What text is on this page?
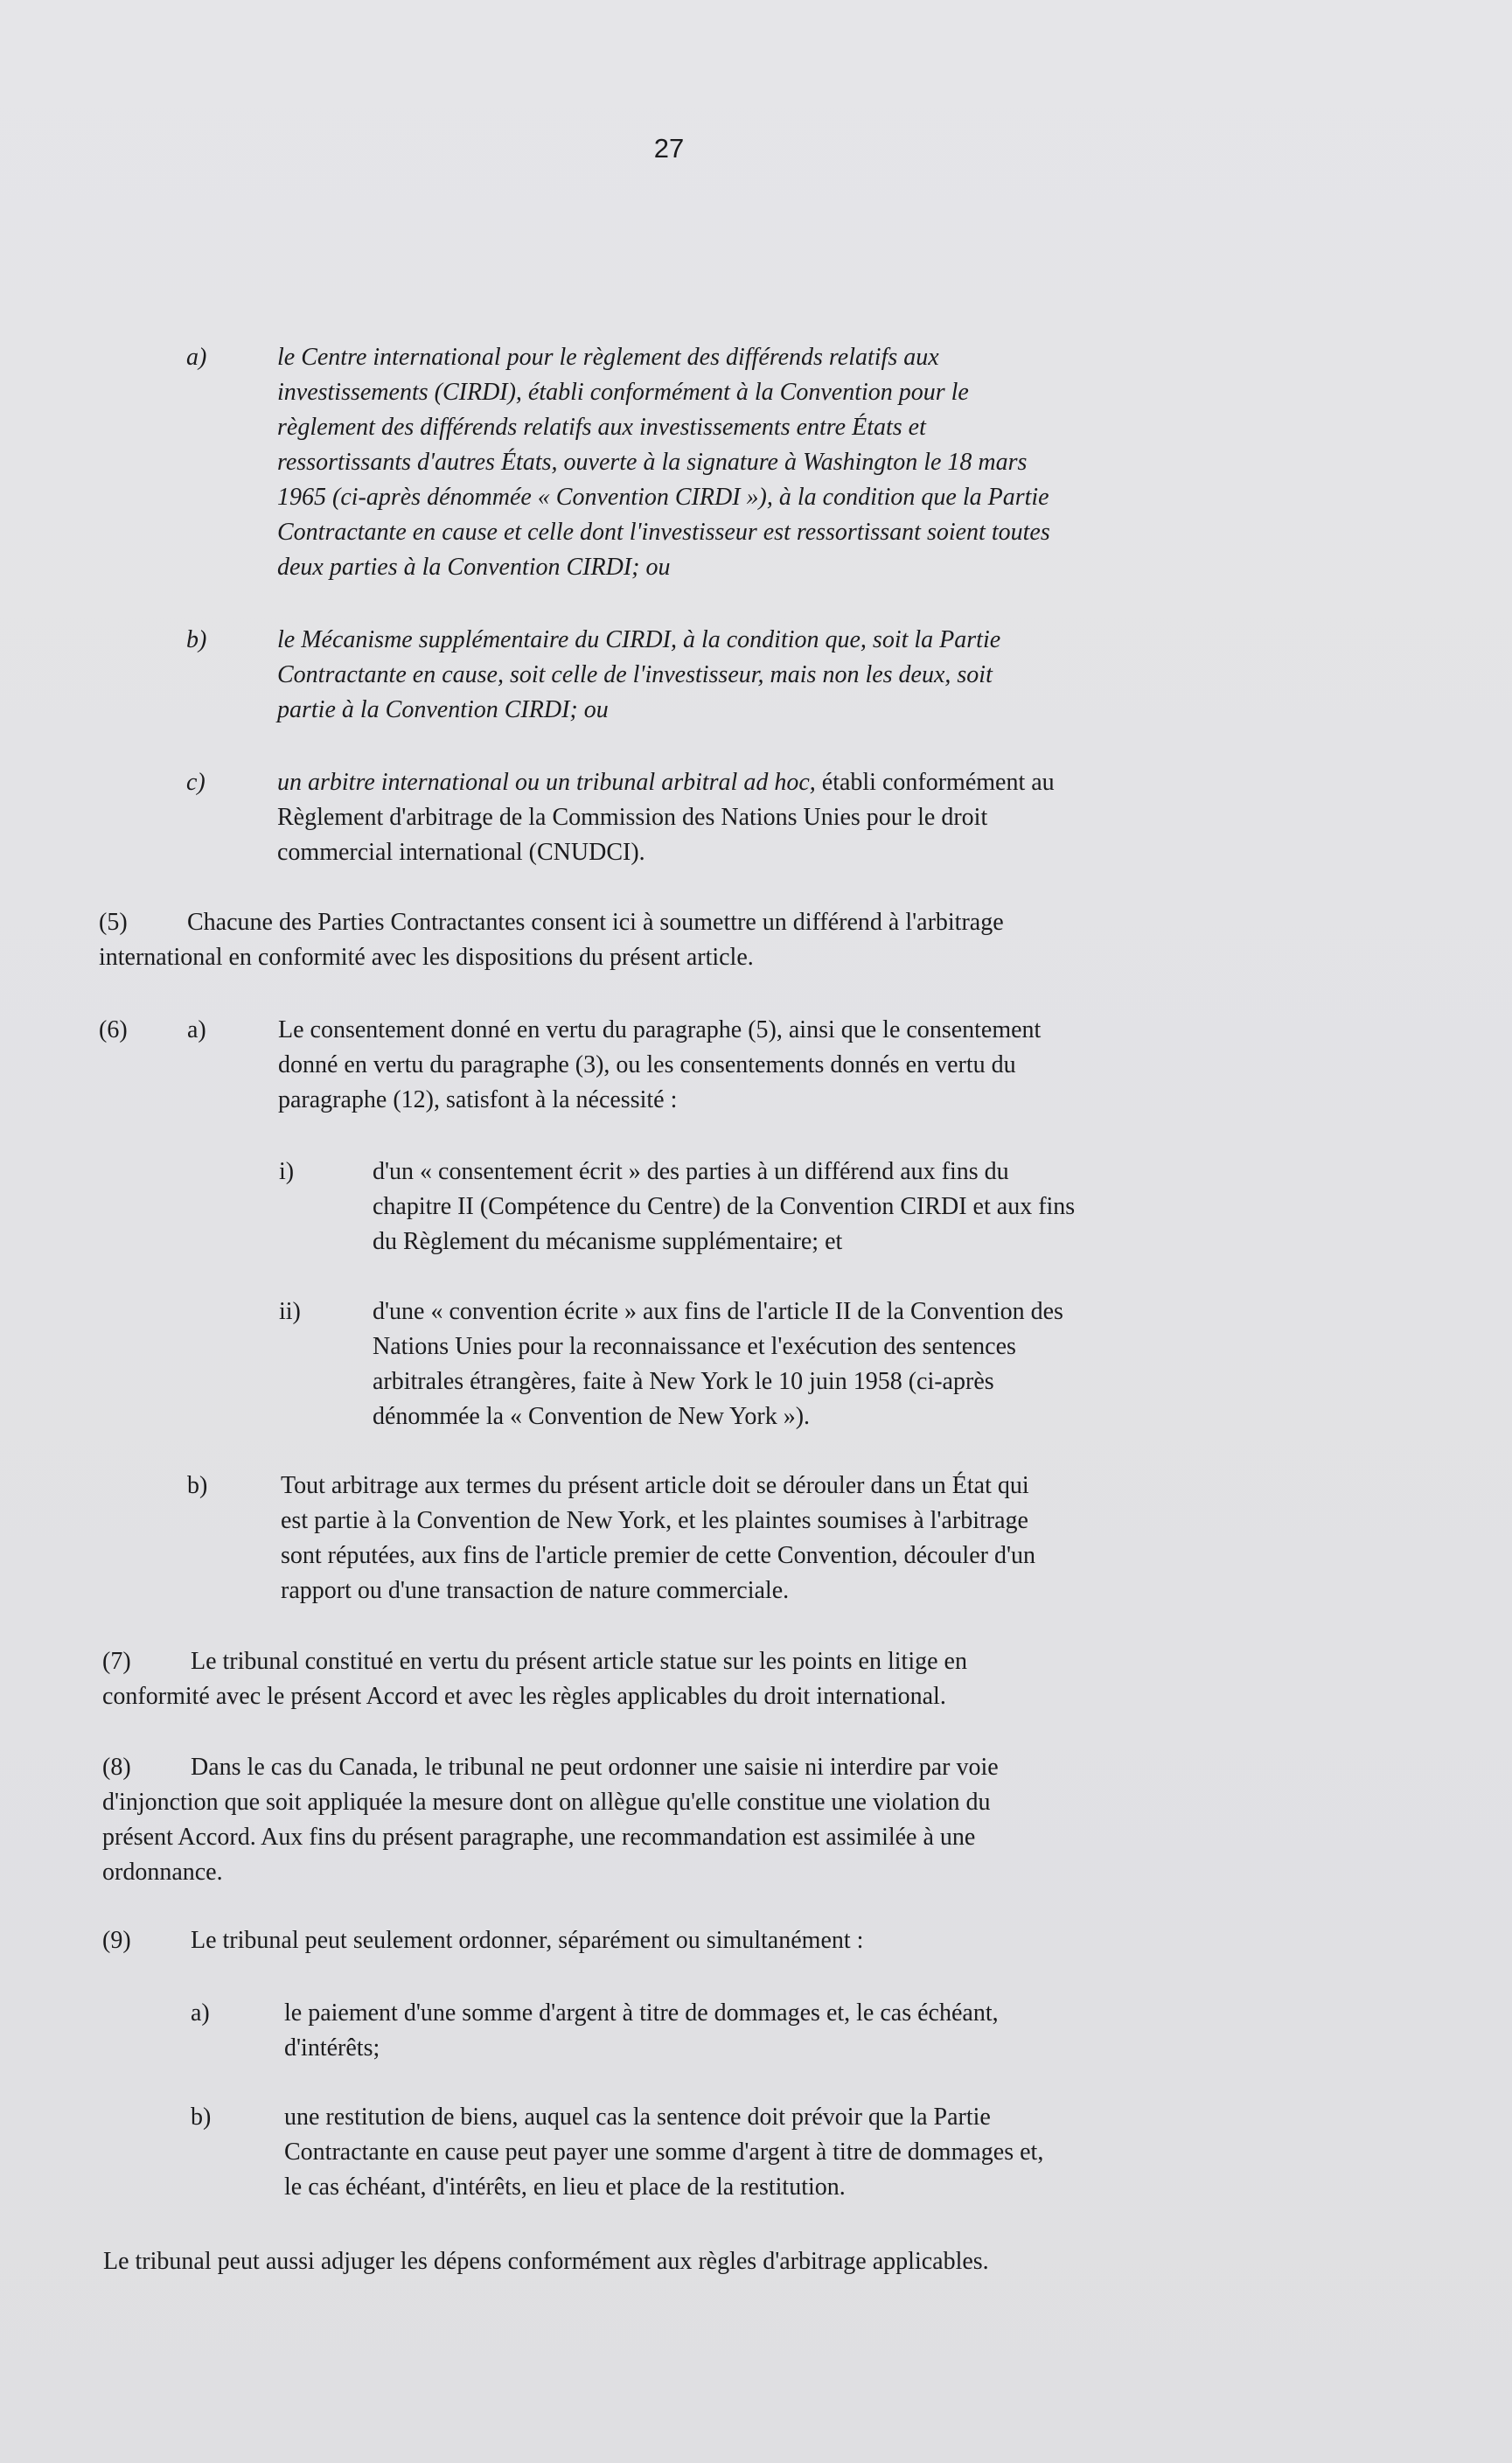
27
a)	le Centre international pour le règlement des différends relatifs aux

investissements (CIRDI), établi conformément à la Convention pour le

règlement des différends relatifs aux investissements entre États et

ressortissants d'autres États, ouverte à la signature à Washington le 18 mars

1965 (ci-après dénommée « Convention CIRDI »), à la condition que la Partie

Contractante en cause et celle dont l'investisseur est ressortissant soient toutes

deux parties à la Convention CIRDI; ou

b)	le Mécanisme supplémentaire du CIRDI, à la condition que, soit la Partie

Contractante en cause, soit celle de l'investisseur, mais non les deux, soit

partie à la Convention CIRDI; ou

c)	un arbitre international ou un tribunal arbitral ad hoc, établi conformément au

Règlement d'arbitrage de la Commission des Nations Unies pour le droit

commercial international (CNUDCI).

(5)	Chacune des Parties Contractantes consent ici à soumettre un différend à l'arbitrage

international en conformité avec les dispositions du présent article.

(6) a)	Le consentement donné en vertu du paragraphe (5), ainsi que le consentement

donné en vertu du paragraphe (3), ou les consentements donnés en vertu du

paragraphe (12), satisfont à la nécessité :

i)	d'un « consentement écrit » des parties à un différend aux fins du

chapitre II (Compétence du Centre) de la Convention CIRDI et aux fins

du Règlement du mécanisme supplémentaire; et

ii)	d'une « convention écrite » aux fins de l'article II de la Convention des

Nations Unies pour la reconnaissance et l'exécution des sentences

arbitrales étrangères, faite à New York le 10 juin 1958 (ci-après

dénommée la « Convention de New York »).

b)	Tout arbitrage aux termes du présent article doit se dérouler dans un État qui

est partie à la Convention de New York, et les plaintes soumises à l'arbitrage

sont réputées, aux fins de l'article premier de cette Convention, découler d'un

rapport ou d'une transaction de nature commerciale.

(7)	Le tribunal constitué en vertu du présent article statue sur les points en litige en

conformité avec le présent Accord et avec les règles applicables du droit international.

(8)	Dans le cas du Canada, le tribunal ne peut ordonner une saisie ni interdire par voie

d'injonction que soit appliquée la mesure dont on allègue qu'elle constitue une violation du

présent Accord. Aux fins du présent paragraphe, une recommandation est assimilée à une

ordonnance.

(9)	Le tribunal peut seulement ordonner, séparément ou simultanément :

a)	le paiement d'une somme d'argent à titre de dommages et, le cas échéant,

d'intérêts;

b)	une restitution de biens, auquel cas la sentence doit prévoir que la Partie

Contractante en cause peut payer une somme d'argent à titre de dommages et,

le cas échéant, d'intérêts, en lieu et place de la restitution.

Le tribunal peut aussi adjuger les dépens conformément aux règles d'arbitrage applicables.
